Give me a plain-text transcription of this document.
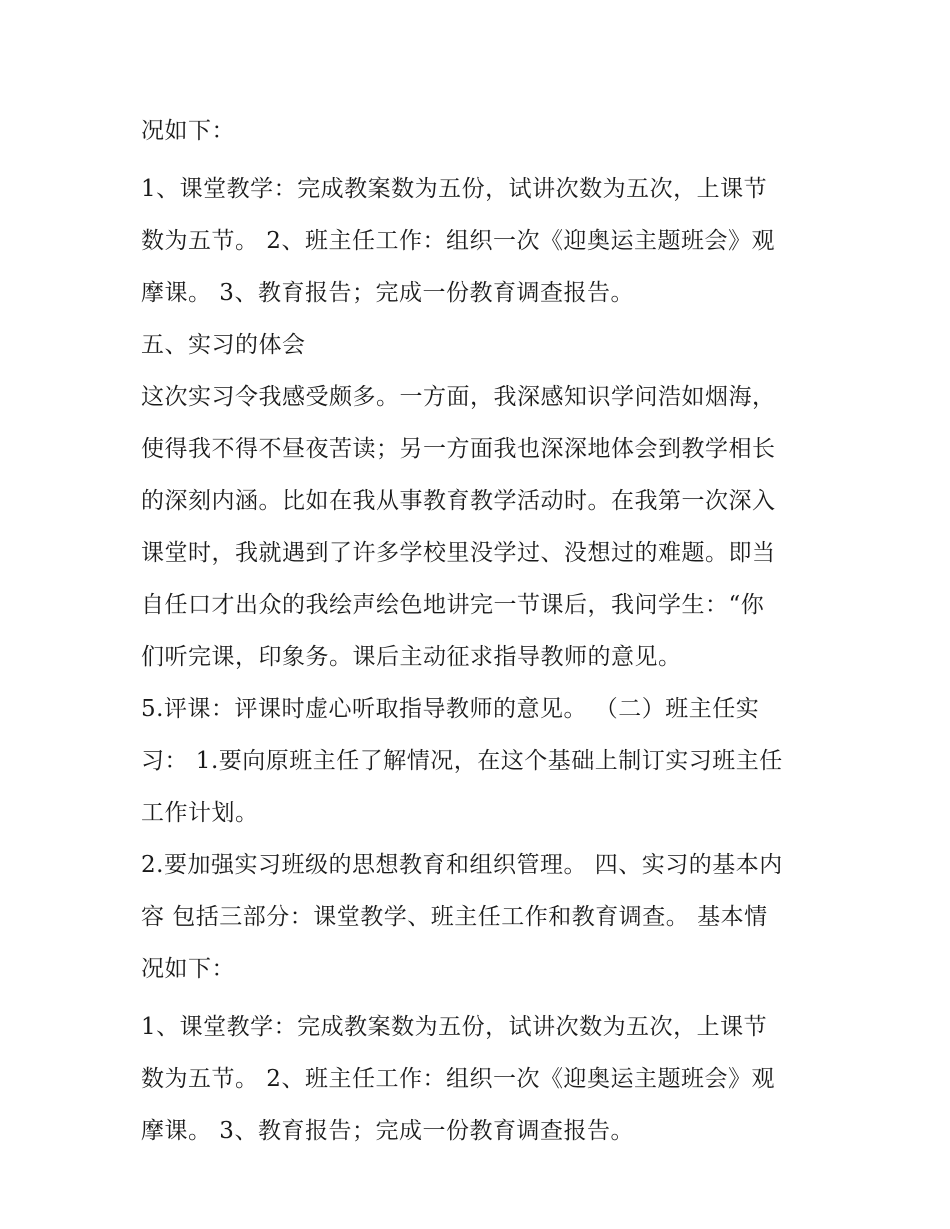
况如下：
1、课堂教学：完成教案数为五份，试讲次数为五次，上课节
数为五节。 2、班主任工作：组织一次《迎奥运主题班会》观
摩课。 3、教育报告；完成一份教育调查报告。
五、实习的体会
这次实习令我感受颇多。一方面，我深感知识学问浩如烟海，
使得我不得不昼夜苦读；另一方面我也深深地体会到教学相长
的深刻内涵。比如在我从事教育教学活动时。在我第一次深入
课堂时，我就遇到了许多学校里没学过、没想过的难题。即当
自任口才出众的我绘声绘色地讲完一节课后，我问学生：“你
们听完课，印象务。课后主动征求指导教师的意见。
5.评课：评课时虚心听取指导教师的意见。 （二）班主任实
习： 1.要向原班主任了解情况，在这个基础上制订实习班主任
工作计划。
2.要加强实习班级的思想教育和组织管理。 四、实习的基本内
容 包括三部分：课堂教学、班主任工作和教育调查。 基本情
况如下：
1、课堂教学：完成教案数为五份，试讲次数为五次，上课节
数为五节。 2、班主任工作：组织一次《迎奥运主题班会》观
摩课。 3、教育报告；完成一份教育调查报告。
